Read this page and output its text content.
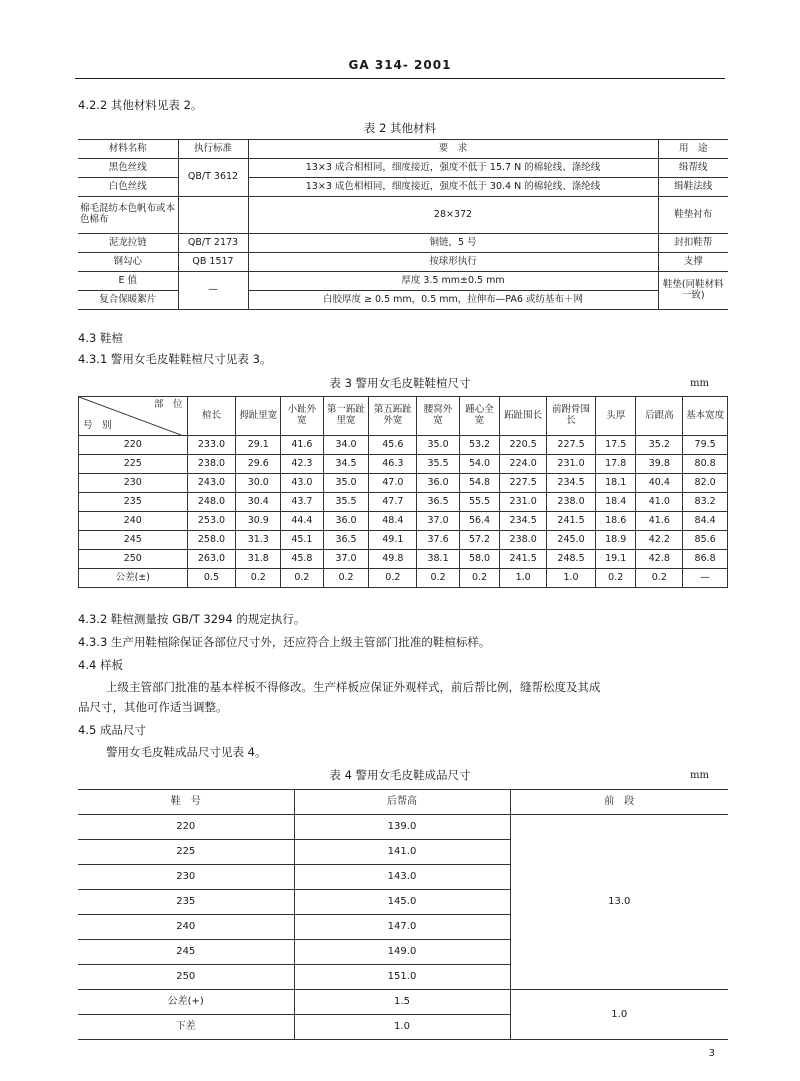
GA 314- 2001
4.2.2 其他材料见表 2。
表 2 其他材料
材料名称	执行标准	要　求	用　途
黑色丝线	QB/T 3612	13×3 成合相相同，细度接近，强度不低于 15.7 N 的棉轮线、涤纶线	缉帮线
白色丝线		13×3 成色相相同，细度接近，强度不低于 30.4 N 的棉轮线、涤纶线	缉鞋法线
棉毛混纺本色帆布或本色棉布		28×372	鞋垫衬布
泥龙拉链	QB/T 2173	铜链，5 号	封扣鞋帮
钢勾心	QB 1517	按球形执行	支撑
E 值	—	厚度 3.5 mm±0.5 mm	鞋垫(同鞋材料一致)
复合保暖絮片		白胶厚度 ≥ 0.5 mm，0.5 mm，拉伸布—PA6 或纺基布＋网	
4.3 鞋楦
4.3.1 警用女毛皮鞋鞋楦尺寸见表 3。
表 3 警用女毛皮鞋鞋楦尺寸	mm
部　位
号　别	楦长	拇趾里宽	小趾外宽	第一跖趾里宽	第五跖趾外宽	腰窝外宽	踵心全宽	跖趾围长	前跗骨围长	头厚	后跟高	基本宽度
220	233.0	29.1	41.6	34.0	45.6	35.0	53.2	220.5	227.5	17.5	35.2	79.5
225	238.0	29.6	42.3	34.5	46.3	35.5	54.0	224.0	231.0	17.8	39.8	80.8
230	243.0	30.0	43.0	35.0	47.0	36.0	54.8	227.5	234.5	18.1	40.4	82.0
235	248.0	30.4	43.7	35.5	47.7	36.5	55.5	231.0	238.0	18.4	41.0	83.2
240	253.0	30.9	44.4	36.0	48.4	37.0	56.4	234.5	241.5	18.6	41.6	84.4
245	258.0	31.3	45.1	36.5	49.1	37.6	57.2	238.0	245.0	18.9	42.2	85.6
250	263.0	31.8	45.8	37.0	49.8	38.1	58.0	241.5	248.5	19.1	42.8	86.8
公差(±)	0.5	0.2	0.2	0.2	0.2	0.2	0.2	1.0	1.0	0.2	0.2	—
4.3.2 鞋楦测量按 GB/T 3294 的规定执行。
4.3.3 生产用鞋楦除保证各部位尺寸外，还应符合上级主管部门批准的鞋楦标样。
4.4 样板
上级主管部门批准的基本样板不得修改。生产样板应保证外观样式，前后帮比例，缝帮松度及其成
品尺寸，其他可作适当调整。
4.5 成品尺寸
警用女毛皮鞋成品尺寸见表 4。
表 4 警用女毛皮鞋成品尺寸	mm
鞋　号	后帮高	前　段
220	139.0	13.0
225	141.0	
230	143.0	
235	145.0	
240	147.0	
245	149.0	
250	151.0	
公差(+)	1.5	1.0
下差	1.0	
3
